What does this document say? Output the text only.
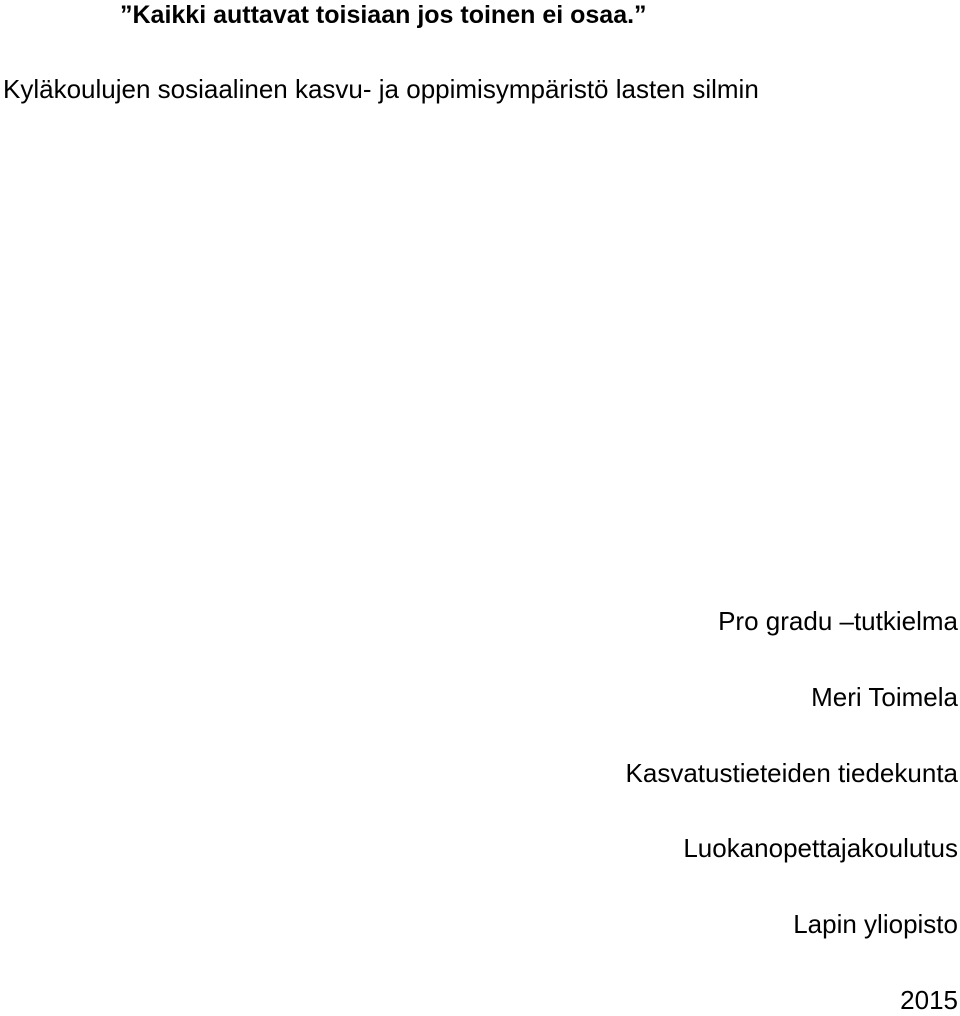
”Kaikki auttavat toisiaan jos toinen ei osaa.”
Kyläkoulujen sosiaalinen kasvu- ja oppimisympäristö lasten silmin
Pro gradu –tutkielma
Meri Toimela
Kasvatustieteiden tiedekunta
Luokanopettajakoulutus
Lapin yliopisto
2015
